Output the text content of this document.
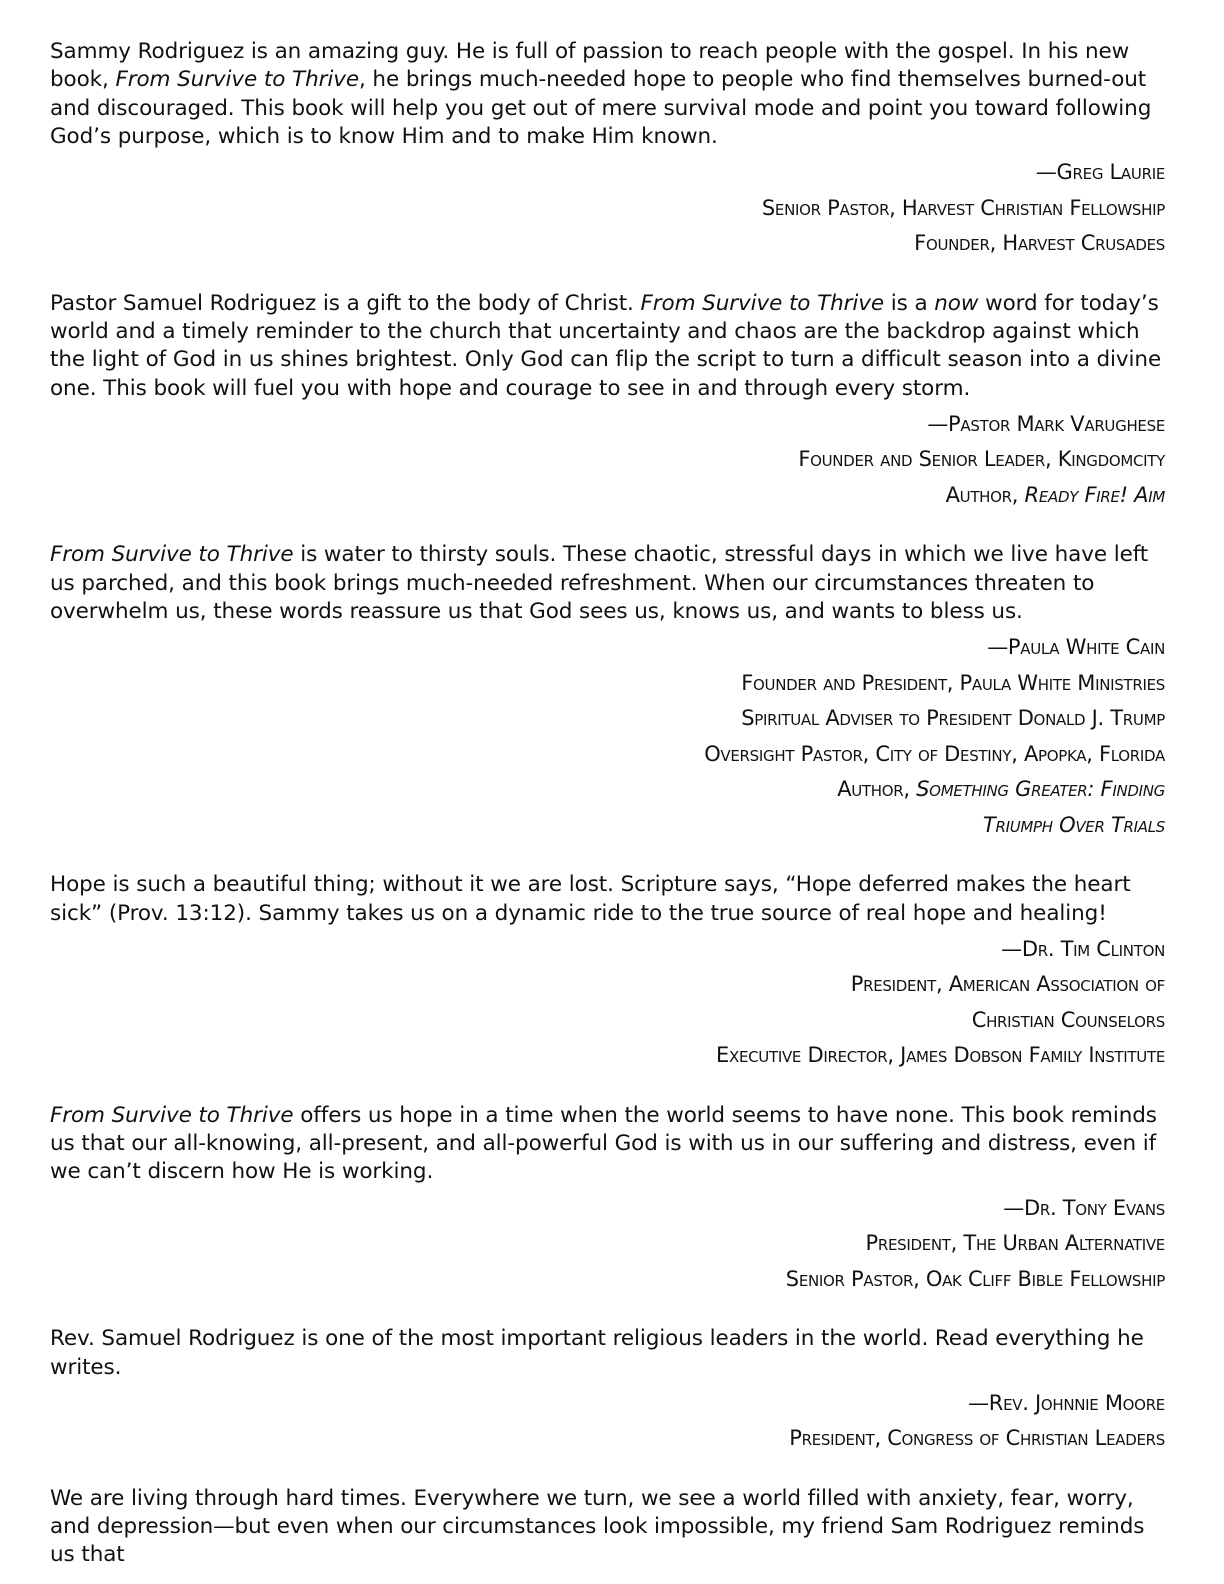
Sammy Rodriguez is an amazing guy. He is full of passion to reach people with the gospel. In his new book, From Survive to Thrive, he brings much-needed hope to people who find themselves burned-out and discouraged. This book will help you get out of mere survival mode and point you toward following God’s purpose, which is to know Him and to make Him known.

—Greg Laurie

Senior Pastor, Harvest Christian Fellowship

Founder, Harvest Crusades

Pastor Samuel Rodriguez is a gift to the body of Christ. From Survive to Thrive is a now word for today’s world and a timely reminder to the church that uncertainty and chaos are the backdrop against which the light of God in us shines brightest. Only God can flip the script to turn a difficult season into a divine one. This book will fuel you with hope and courage to see in and through every storm.

—Pastor Mark Varughese

Founder and Senior Leader, Kingdomcity

Author, Ready Fire! Aim

From Survive to Thrive is water to thirsty souls. These chaotic, stressful days in which we live have left us parched, and this book brings much-needed refreshment. When our circumstances threaten to overwhelm us, these words reassure us that God sees us, knows us, and wants to bless us.

—Paula White Cain

Founder and President, Paula White Ministries

Spiritual Adviser to President Donald J. Trump

Oversight Pastor, City of Destiny, Apopka, Florida

Author, Something Greater: Finding

Triumph Over Trials

Hope is such a beautiful thing; without it we are lost. Scripture says, “Hope deferred makes the heart sick” (Prov. 13:12). Sammy takes us on a dynamic ride to the true source of real hope and healing!

—Dr. Tim Clinton

President, American Association of

Christian Counselors

Executive Director, James Dobson Family Institute

From Survive to Thrive offers us hope in a time when the world seems to have none. This book reminds us that our all-knowing, all-present, and all-powerful God is with us in our suffering and distress, even if we can’t discern how He is working.

—Dr. Tony Evans

President, The Urban Alternative

Senior Pastor, Oak Cliff Bible Fellowship

Rev. Samuel Rodriguez is one of the most important religious leaders in the world. Read everything he writes.

—Rev. Johnnie Moore

President, Congress of Christian Leaders

We are living through hard times. Everywhere we turn, we see a world filled with anxiety, fear, worry, and depression—but even when our circumstances look impossible, my friend Sam Rodriguez reminds us that
